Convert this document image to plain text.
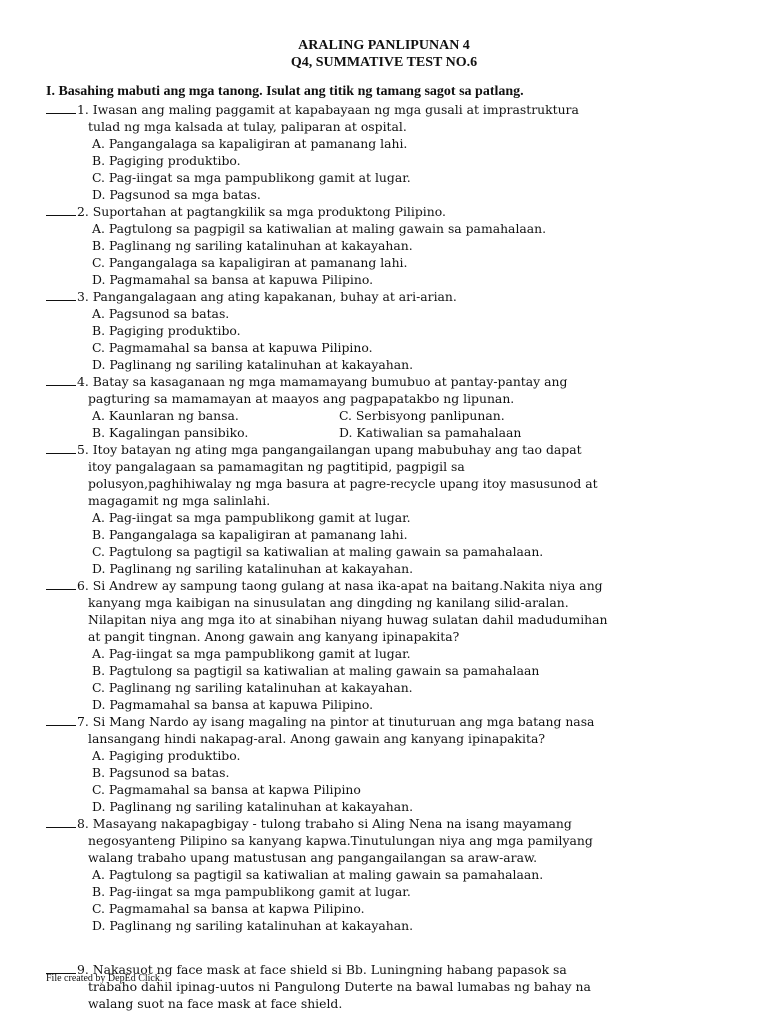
ARALING PANLIPUNAN 4
Q4, SUMMATIVE TEST NO.6
I. Basahing mabuti ang mga tanong. Isulat ang titik ng tamang sagot sa patlang.
1. Iwasan ang maling paggamit at kapabayaan ng mga gusali at imprastruktura
tulad ng mga kalsada at tulay, paliparan at ospital.
A. Pangangalaga sa kapaligiran at pamanang lahi.
B. Pagiging produktibo.
C. Pag-iingat sa mga pampublikong gamit at lugar.
D. Pagsunod sa mga batas.
2. Suportahan at pagtangkilik sa mga produktong Pilipino.
A. Pagtulong sa pagpigil sa katiwalian at maling gawain sa pamahalaan.
B. Paglinang ng sariling katalinuhan at kakayahan.
C. Pangangalaga sa kapaligiran at pamanang lahi.
D. Pagmamahal sa bansa at kapuwa Pilipino.
3. Pangangalagaan ang ating kapakanan, buhay at ari-arian.
A. Pagsunod sa batas.
B. Pagiging produktibo.
C. Pagmamahal sa bansa at kapuwa Pilipino.
D. Paglinang ng sariling katalinuhan at kakayahan.
4. Batay sa kasaganaan ng mga mamamayang bumubuo at pantay-pantay ang
pagturing sa mamamayan at maayos ang pagpapatakbo ng lipunan.
A. Kaunlaran ng bansa.	C. Serbisyong panlipunan.
B. Kagalingan pansibiko.	D. Katiwalian sa pamahalaan
5. Itoy batayan ng ating mga pangangailangan upang mabubuhay ang tao dapat
itoy pangalagaan sa pamamagitan ng pagtitipid, pagpigil sa
polusyon,paghihiwalay ng mga basura at pagre-recycle upang itoy masusunod at
magagamit ng mga salinlahi.
A. Pag-iingat sa mga pampublikong gamit at lugar.
B. Pangangalaga sa kapaligiran at pamanang lahi.
C. Pagtulong sa pagtigil sa katiwalian at maling gawain sa pamahalaan.
D. Paglinang ng sariling katalinuhan at kakayahan.
6. Si Andrew ay sampung taong gulang at nasa ika-apat na baitang.Nakita niya ang
kanyang mga kaibigan na sinusulatan ang dingding ng kanilang silid-aralan.
Nilapitan niya ang mga ito at sinabihan niyang huwag sulatan dahil madudumihan
at pangit tingnan. Anong gawain ang kanyang ipinapakita?
A. Pag-iingat sa mga pampublikong gamit at lugar.
B. Pagtulong sa pagtigil sa katiwalian at maling gawain sa pamahalaan
C. Paglinang ng sariling katalinuhan at kakayahan.
D. Pagmamahal sa bansa at kapuwa Pilipino.
7. Si Mang Nardo ay isang magaling na pintor at tinuturuan ang mga batang nasa
lansangang hindi nakapag-aral. Anong gawain ang kanyang ipinapakita?
A. Pagiging produktibo.
B. Pagsunod sa batas.
C. Pagmamahal sa bansa at kapwa Pilipino
D. Paglinang ng sariling katalinuhan at kakayahan.
8. Masayang nakapagbigay - tulong trabaho si Aling Nena na isang mayamang
negosyanteng Pilipino sa kanyang kapwa.Tinutulungan niya ang mga pamilyang
walang trabaho upang matustusan ang pangangailangan sa araw-araw.
A. Pagtulong sa pagtigil sa katiwalian at maling gawain sa pamahalaan.
B. Pag-iingat sa mga pampublikong gamit at lugar.
C. Pagmamahal sa bansa at kapwa Pilipino.
D. Paglinang ng sariling katalinuhan at kakayahan.
9. Nakasuot ng face mask at face shield si Bb. Luningning habang papasok sa
trabaho dahil ipinag-uutos ni Pangulong Duterte na bawal lumabas ng bahay na
walang suot na face mask at face shield.
File created by DepEd Click.
